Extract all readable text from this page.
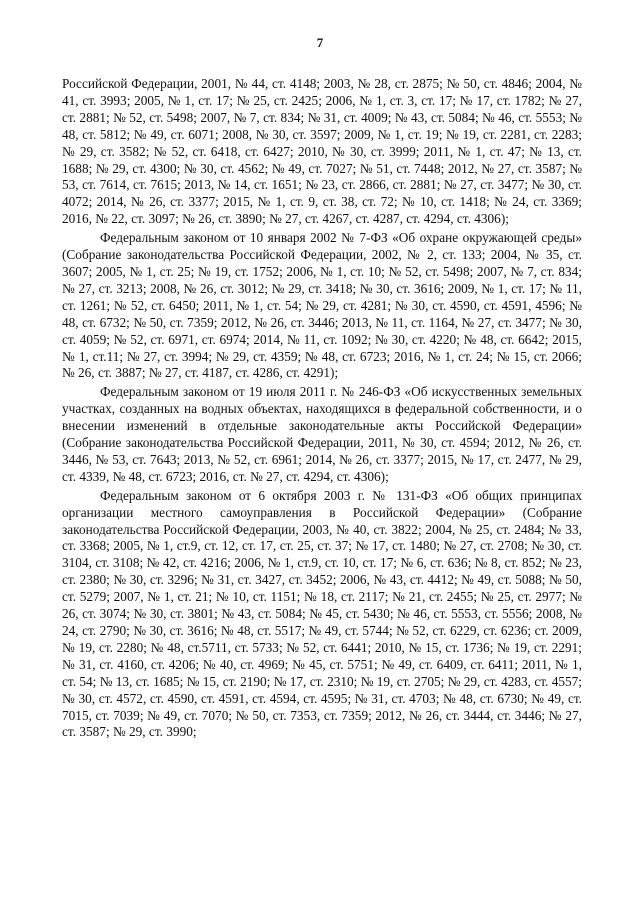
7

Российской Федерации, 2001, № 44, ст. 4148; 2003, № 28, ст. 2875; № 50, ст. 4846; 2004, № 41, ст. 3993; 2005, № 1, ст. 17; № 25, ст. 2425; 2006, № 1, ст. 3, ст. 17; № 17, ст. 1782; № 27, ст. 2881; № 52, ст. 5498; 2007, № 7, ст. 834; № 31, ст. 4009; № 43, ст. 5084; № 46, ст. 5553; № 48, ст. 5812; № 49, ст. 6071; 2008, № 30, ст. 3597; 2009, № 1, ст. 19; № 19, ст. 2281, ст. 2283; № 29, ст. 3582; № 52, ст. 6418, ст. 6427; 2010, № 30, ст. 3999; 2011, № 1, ст. 47; № 13, ст. 1688; № 29, ст. 4300; № 30, ст. 4562; № 49, ст. 7027; № 51, ст. 7448; 2012, № 27, ст. 3587; № 53, ст. 7614, ст. 7615; 2013, № 14, ст. 1651; № 23, ст. 2866, ст. 2881; № 27, ст. 3477; № 30, ст. 4072; 2014, № 26, ст. 3377; 2015, № 1, ст. 9, ст. 38, ст. 72; № 10, ст. 1418; № 24, ст. 3369; 2016, № 22, ст. 3097; № 26, ст. 3890; № 27, ст. 4267, ст. 4287, ст. 4294, ст. 4306);

Федеральным законом от 10 января 2002 № 7-ФЗ «Об охране окружающей среды» (Собрание законодательства Российской Федерации, 2002, № 2, ст. 133; 2004, № 35, ст. 3607; 2005, № 1, ст. 25; № 19, ст. 1752; 2006, № 1, ст. 10; № 52, ст. 5498; 2007, № 7, ст. 834; № 27, ст. 3213; 2008, № 26, ст. 3012; № 29, ст. 3418; № 30, ст. 3616; 2009, № 1, ст. 17; № 11, ст. 1261; № 52, ст. 6450; 2011, № 1, ст. 54; № 29, ст. 4281; № 30, ст. 4590, ст. 4591, 4596; № 48, ст. 6732; № 50, ст. 7359; 2012, № 26, ст. 3446; 2013, № 11, ст. 1164, № 27, ст. 3477; № 30, ст. 4059; № 52, ст. 6971, ст. 6974; 2014, № 11, ст. 1092; № 30, ст. 4220; № 48, ст. 6642; 2015, № 1, ст.11; № 27, ст. 3994; № 29, ст. 4359; № 48, ст. 6723; 2016, № 1, ст. 24; № 15, ст. 2066; № 26, ст. 3887; № 27, ст. 4187, ст. 4286, ст. 4291);

Федеральным законом от 19 июля 2011 г. № 246-ФЗ «Об искусственных земельных участках, созданных на водных объектах, находящихся в федеральной собственности, и о внесении изменений в отдельные законодательные акты Российской Федерации» (Собрание законодательства Российской Федерации, 2011, № 30, ст. 4594; 2012, № 26, ст. 3446, № 53, ст. 7643; 2013, № 52, ст. 6961; 2014, № 26, ст. 3377; 2015, № 17, ст. 2477, № 29, ст. 4339, № 48, ст. 6723; 2016, ст. № 27, ст. 4294, ст. 4306);

Федеральным законом от 6 октября 2003 г. № 131-ФЗ «Об общих принципах организации местного самоуправления в Российской Федерации» (Собрание законодательства Российской Федерации, 2003, № 40, ст. 3822; 2004, № 25, ст. 2484; № 33, ст. 3368; 2005, № 1, ст.9, ст. 12, ст. 17, ст. 25, ст. 37; № 17, ст. 1480; № 27, ст. 2708; № 30, ст. 3104, ст. 3108; № 42, ст. 4216; 2006, № 1, ст.9, ст. 10, ст. 17; № 6, ст. 636; № 8, ст. 852; № 23, ст. 2380; № 30, ст. 3296; № 31, ст. 3427, ст. 3452; 2006, № 43, ст. 4412; № 49, ст. 5088; № 50, ст. 5279; 2007, № 1, ст. 21; № 10, ст. 1151; № 18, ст. 2117; № 21, ст. 2455; № 25, ст. 2977; № 26, ст. 3074; № 30, ст. 3801; № 43, ст. 5084; № 45, ст. 5430; № 46, ст. 5553, ст. 5556; 2008, № 24, ст. 2790; № 30, ст. 3616; № 48, ст. 5517; № 49, ст. 5744; № 52, ст. 6229, ст. 6236; ст. 2009, № 19, ст. 2280; № 48, ст.5711, ст. 5733; № 52, ст. 6441; 2010, № 15, ст. 1736; № 19, ст. 2291; № 31, ст. 4160, ст. 4206; № 40, ст. 4969; № 45, ст. 5751; № 49, ст. 6409, ст. 6411; 2011, № 1, ст. 54; № 13, ст. 1685; № 15, ст. 2190; № 17, ст. 2310; № 19, ст. 2705; № 29, ст. 4283, ст. 4557; № 30, ст. 4572, ст. 4590, ст. 4591, ст. 4594, ст. 4595; № 31, ст. 4703; № 48, ст. 6730; № 49, ст. 7015, ст. 7039; № 49, ст. 7070; № 50, ст. 7353, ст. 7359; 2012, № 26, ст. 3444, ст. 3446; № 27, ст. 3587; № 29, ст. 3990;
